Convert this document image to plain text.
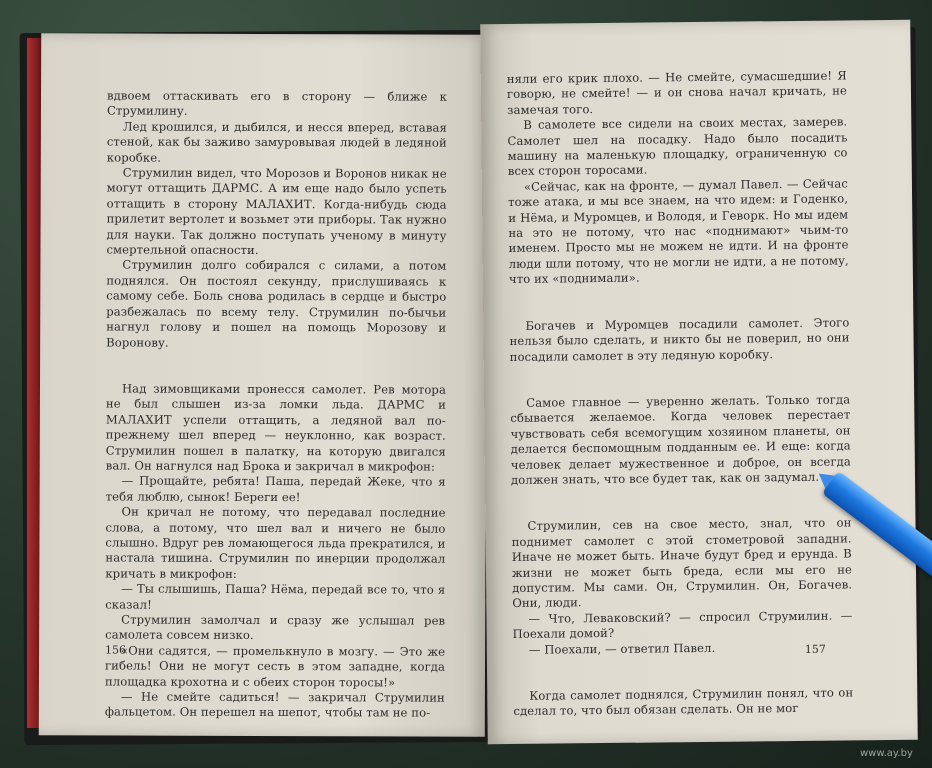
вдвоем оттаскивать его в сторону — ближе к Струмилину.

Лед крошился, и дыбился, и несся вперед, вставая стеной, как бы заживо замуровывая людей в ледяной коробке.

Струмилин видел, что Морозов и Воронов никак не могут оттащить ДАРМС. А им еще надо было успеть оттащить в сторону МАЛАХИТ. Когда-нибудь сюда прилетит вертолет и возьмет эти приборы. Так нужно для науки. Так должно поступать ученому в минуту смертельной опасности.

Струмилин долго собирался с силами, а потом поднялся. Он постоял секунду, прислушиваясь к самому себе. Боль снова родилась в сердце и быстро разбежалась по всему телу. Струмилин по-бычьи нагнул голову и пошел на помощь Морозову и Воронову.

Над зимовщиками пронесся самолет. Рев мотора не был слышен из-за ломки льда. ДАРМС и МАЛАХИТ успели оттащить, а ледяной вал по-прежнему шел вперед — неуклонно, как возраст. Струмилин пошел в палатку, на которую двигался вал. Он нагнулся над Брока и закричал в микрофон:

— Прощайте, ребята! Паша, передай Жеке, что я тебя люблю, сынок! Береги ее!

Он кричал не потому, что передавал последние слова, а потому, что шел вал и ничего не было слышно. Вдруг рев ломающегося льда прекратился, и настала тишина. Струмилин по инерции продолжал кричать в микрофон:

— Ты слышишь, Паша? Нёма, передай все то, что я сказал!

Струмилин замолчал и сразу же услышал рев самолета совсем низко.

«Они садятся, — промелькнуло в мозгу. — Это же гибель! Они не могут сесть в этом западне, когда площадка крохотна и с обеих сторон торосы!»

— Не смейте садиться! — закричал Струмилин фальцетом. Он перешел на шепот, чтобы там не по-

156

няли его крик плохо. — Не смейте, сумасшедшие! Я говорю, не смейте! — и он снова начал кричать, не замечая того.

В самолете все сидели на своих местах, замерев. Самолет шел на посадку. Надо было посадить машину на маленькую площадку, ограниченную со всех сторон торосами.

«Сейчас, как на фронте, — думал Павел. — Сейчас тоже атака, и мы все знаем, на что идем: и Годенко, и Нёма, и Муромцев, и Володя, и Геворк. Но мы идем на это не потому, что нас «поднимают» чьим-то именем. Просто мы не можем не идти. И на фронте люди шли потому, что не могли не идти, а не потому, что их «поднимали».

Богачев и Муромцев посадили самолет. Этого нельзя было сделать, и никто бы не поверил, но они посадили самолет в эту ледяную коробку.

Самое главное — уверенно желать. Только тогда сбывается желаемое. Когда человек перестает чувствовать себя всемогущим хозяином планеты, он делается беспомощным подданным ее. И еще: когда человек делает мужественное и доброе, он всегда должен знать, что все будет так, как он задумал.

Струмилин, сев на свое место, знал, что он поднимет самолет с этой стометровой западни. Иначе не может быть. Иначе будут бред и ерунда. В жизни не может быть бреда, если мы его не допустим. Мы сами. Он, Струмилин. Он, Богачев. Они, люди.

— Что, Леваковский? — спросил Струмилин. — Поехали домой?

— Поехали, — ответил Павел.

Когда самолет поднялся, Струмилин понял, что он сделал то, что был обязан сделать. Он не мог

157
www.ay.by
